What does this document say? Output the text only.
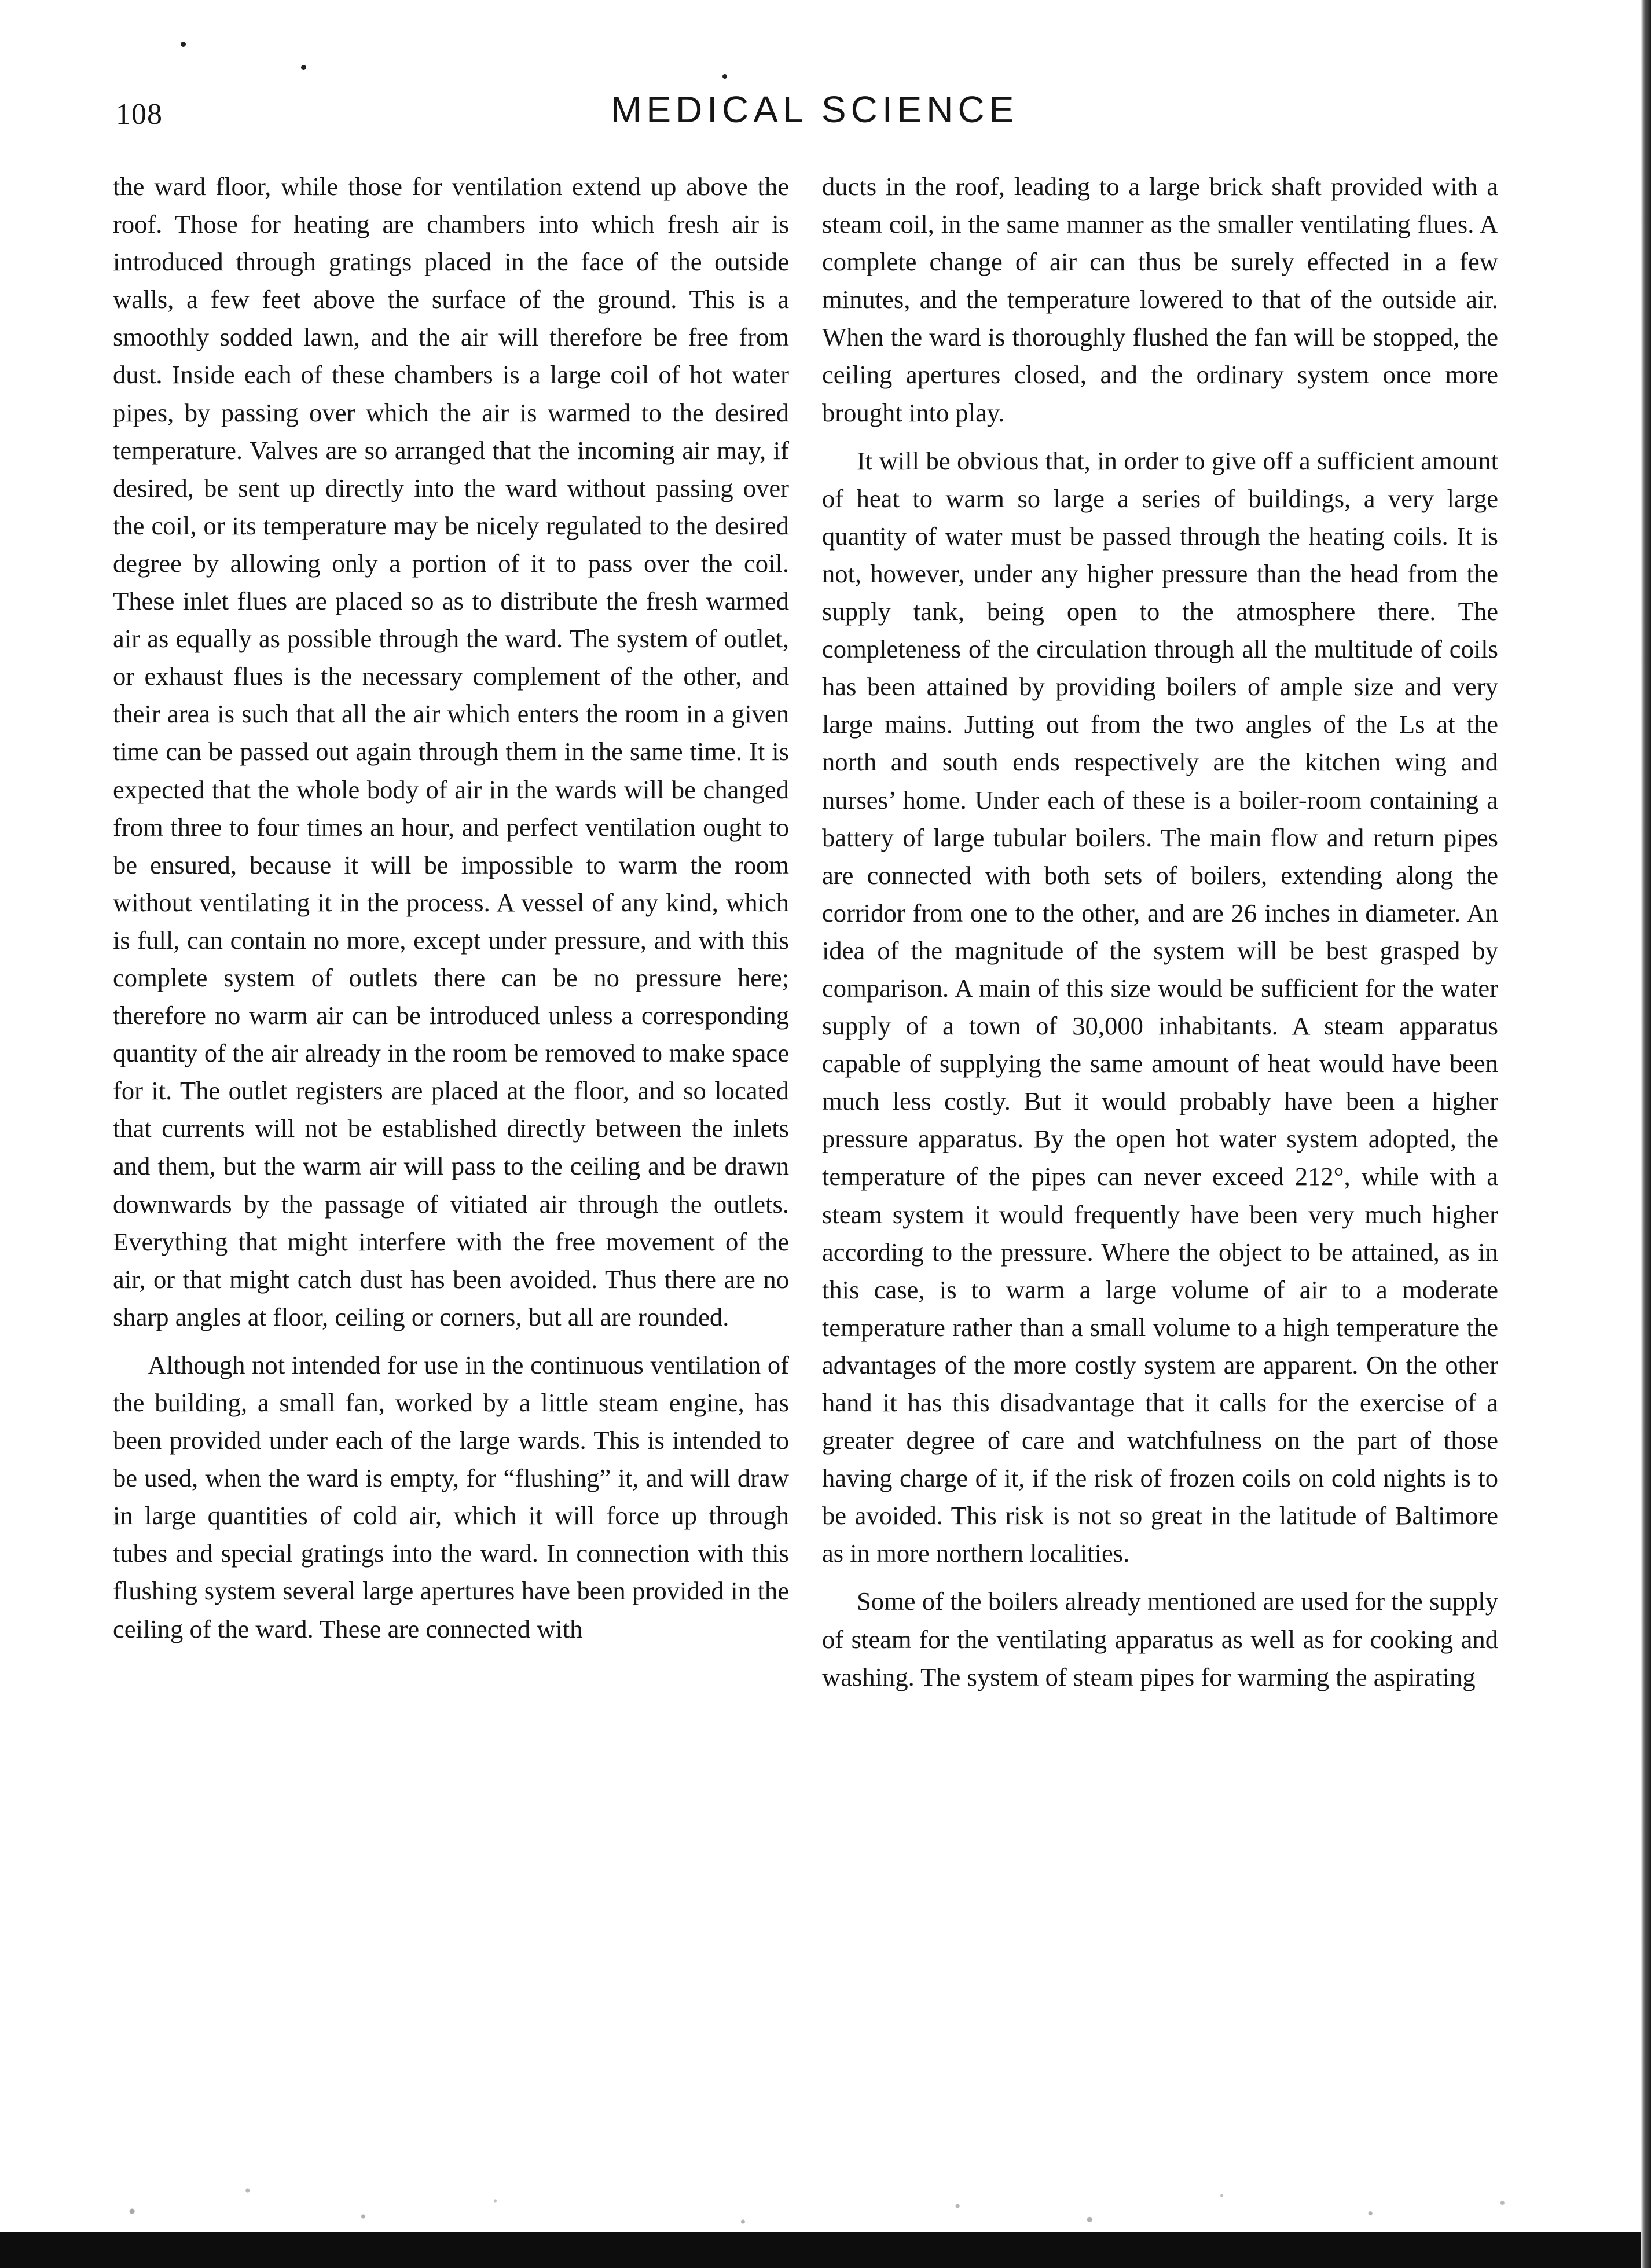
108	MEDICAL SCIENCE

the ward floor, while those for ventilation extend up above the roof. Those for heating are chambers into which fresh air is introduced through gratings placed in the face of the outside walls, a few feet above the surface of the ground. This is a smoothly sodded lawn, and the air will therefore be free from dust. Inside each of these chambers is a large coil of hot water pipes, by passing over which the air is warmed to the desired temperature. Valves are so arranged that the incoming air may, if desired, be sent up directly into the ward without passing over the coil, or its temperature may be nicely regulated to the desired degree by allowing only a portion of it to pass over the coil. These inlet flues are placed so as to distribute the fresh warmed air as equally as possible through the ward. The system of outlet, or exhaust flues is the necessary complement of the other, and their area is such that all the air which enters the room in a given time can be passed out again through them in the same time. It is expected that the whole body of air in the wards will be changed from three to four times an hour, and perfect ventilation ought to be ensured, because it will be impossible to warm the room without ventilating it in the process. A vessel of any kind, which is full, can contain no more, except under pressure, and with this complete system of outlets there can be no pressure here; therefore no warm air can be introduced unless a corresponding quantity of the air already in the room be removed to make space for it. The outlet registers are placed at the floor, and so located that currents will not be established directly between the inlets and them, but the warm air will pass to the ceiling and be drawn downwards by the passage of vitiated air through the outlets. Everything that might interfere with the free movement of the air, or that might catch dust has been avoided. Thus there are no sharp angles at floor, ceiling or corners, but all are rounded.

Although not intended for use in the continuous ventilation of the building, a small fan, worked by a little steam engine, has been provided under each of the large wards. This is intended to be used, when the ward is empty, for “flushing” it, and will draw in large quantities of cold air, which it will force up through tubes and special gratings into the ward. In connection with this flushing system several large apertures have been provided in the ceiling of the ward. These are connected with

ducts in the roof, leading to a large brick shaft provided with a steam coil, in the same manner as the smaller ventilating flues. A complete change of air can thus be surely effected in a few minutes, and the temperature lowered to that of the outside air. When the ward is thoroughly flushed the fan will be stopped, the ceiling apertures closed, and the ordinary system once more brought into play.

It will be obvious that, in order to give off a sufficient amount of heat to warm so large a series of buildings, a very large quantity of water must be passed through the heating coils. It is not, however, under any higher pressure than the head from the supply tank, being open to the atmosphere there. The completeness of the circulation through all the multitude of coils has been attained by providing boilers of ample size and very large mains. Jutting out from the two angles of the Ls at the north and south ends respectively are the kitchen wing and nurses’ home. Under each of these is a boiler-room containing a battery of large tubular boilers. The main flow and return pipes are connected with both sets of boilers, extending along the corridor from one to the other, and are 26 inches in diameter. An idea of the magnitude of the system will be best grasped by comparison. A main of this size would be sufficient for the water supply of a town of 30,000 inhabitants. A steam apparatus capable of supplying the same amount of heat would have been much less costly. But it would probably have been a higher pressure apparatus. By the open hot water system adopted, the temperature of the pipes can never exceed 212°, while with a steam system it would frequently have been very much higher according to the pressure. Where the object to be attained, as in this case, is to warm a large volume of air to a moderate temperature rather than a small volume to a high temperature the advantages of the more costly system are apparent. On the other hand it has this disadvantage that it calls for the exercise of a greater degree of care and watchfulness on the part of those having charge of it, if the risk of frozen coils on cold nights is to be avoided. This risk is not so great in the latitude of Baltimore as in more northern localities.

Some of the boilers already mentioned are used for the supply of steam for the ventilating apparatus as well as for cooking and washing. The system of steam pipes for warming the aspirating
